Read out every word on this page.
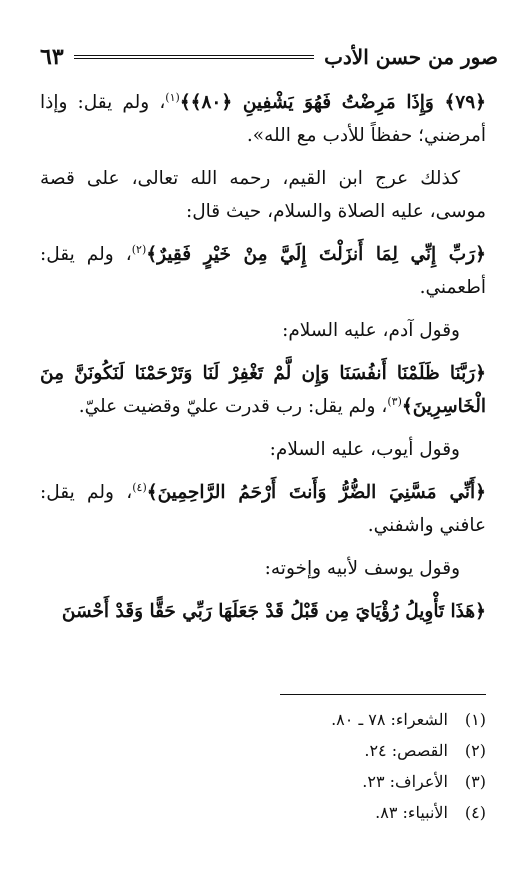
صور من حسن الأدب
٦٣

﴿٧٩﴾ وَإِذَا مَرِضْتُ فَهُوَ يَشْفِينِ ﴿٨٠﴾﴾$^{(١)}$، ولم يقل: وإذا أمرضني؛ حفظاً للأدب مع الله».

كذلك عرج ابن القيم، رحمه الله تعالى، على قصة موسى، عليه الصلاة والسلام، حيث قال:

﴿رَبِّ إِنِّي لِمَا أَنزَلْتَ إِلَيَّ مِنْ خَيْرٍ فَقِيرٌ﴾$^{(٢)}$، ولم يقل: أطعمني.

وقول آدم، عليه السلام:

﴿رَبَّنَا ظَلَمْنَا أَنفُسَنَا وَإِن لَّمْ تَغْفِرْ لَنَا وَتَرْحَمْنَا لَنَكُونَنَّ مِنَ الْخَاسِرِينَ﴾$^{(٣)}$، ولم يقل: رب قدرت عليّ وقضيت عليّ.

وقول أيوب، عليه السلام:

﴿أَنِّي مَسَّنِيَ الضُّرُّ وَأَنتَ أَرْحَمُ الرَّاحِمِينَ﴾$^{(٤)}$، ولم يقل: عافني واشفني.

وقول يوسف لأبيه وإخوته:

﴿هَذَا تَأْوِيلُ رُؤْيَايَ مِن قَبْلُ قَدْ جَعَلَهَا رَبِّي حَقًّا وَقَدْ أَحْسَنَ

(١)
الشعراء: ٧٨ ـ ٨٠.
(٢)
القصص: ٢٤.
(٣)
الأعراف: ٢٣.
(٤)
الأنبياء: ٨٣.
